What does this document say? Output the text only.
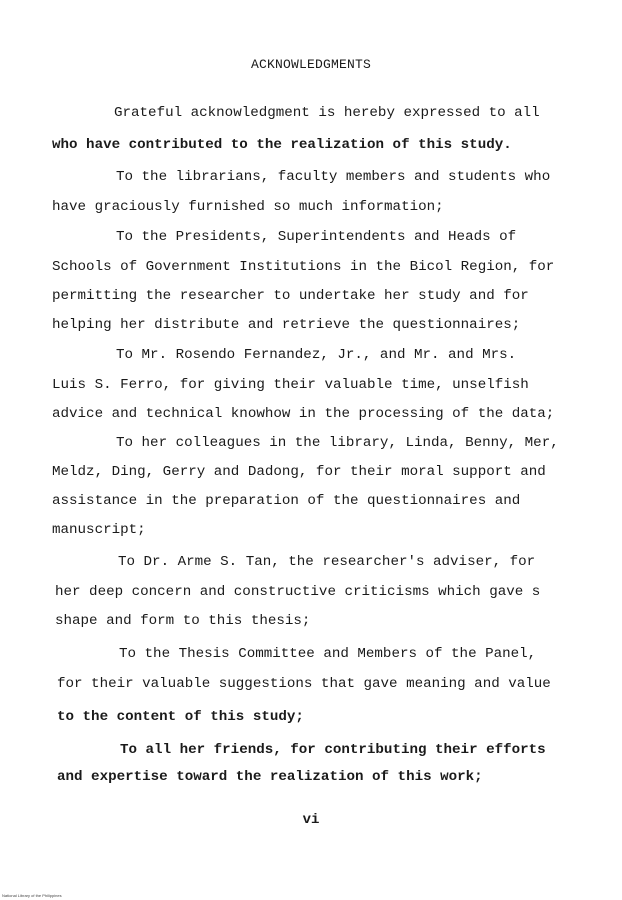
ACKNOWLEDGMENTS
Grateful acknowledgment is hereby expressed to all
who have contributed to the realization of this study.
To the librarians, faculty members and students who
have graciously furnished so much information;
To the Presidents, Superintendents and Heads of
Schools of Government Institutions in the Bicol Region, for
permitting the researcher to undertake her study and for
helping her distribute and retrieve the questionnaires;
To Mr. Rosendo Fernandez, Jr., and Mr. and Mrs.
Luis S. Ferro, for giving their valuable time, unselfish
advice and technical knowhow in the processing of the data;
To her colleagues in the library, Linda, Benny, Mer,
Meldz, Ding, Gerry and Dadong, for their moral support and
assistance in the preparation of the questionnaires and
manuscript;
To Dr. Arme S. Tan, the researcher's adviser, for
her deep concern and constructive criticisms which gave s
shape and form to this thesis;
To the Thesis Committee and Members of the Panel,
for their valuable suggestions that gave meaning and value
to the content of this study;
To all her friends, for contributing their efforts
and expertise toward the realization of this work;
vi
National Library of the Philippines
